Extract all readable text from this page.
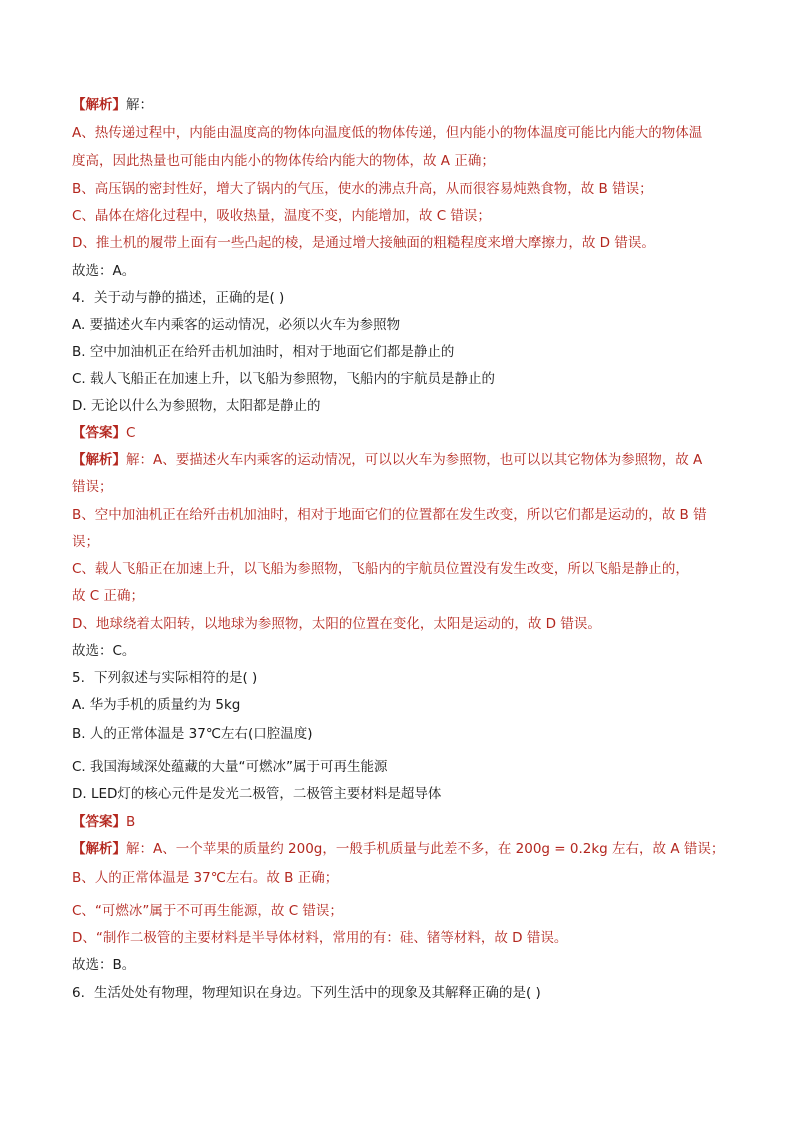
【解析】解：
A、热传递过程中，内能由温度高的物体向温度低的物体传递，但内能小的物体温度可能比内能大的物体温
度高，因此热量也可能由内能小的物体传给内能大的物体，故 A 正确；
B、高压锅的密封性好，增大了锅内的气压，使水的沸点升高，从而很容易炖熟食物，故 B 错误；
C、晶体在熔化过程中，吸收热量，温度不变，内能增加，故 C 错误；
D、推土机的履带上面有一些凸起的棱，是通过增大接触面的粗糙程度来增大摩擦力，故 D 错误。
故选：A。
4. 关于动与静的描述，正确的是( )
A. 要描述火车内乘客的运动情况，必须以火车为参照物
B. 空中加油机正在给歼击机加油时，相对于地面它们都是静止的
C. 载人飞船正在加速上升，以飞船为参照物，飞船内的宇航员是静止的
D. 无论以什么为参照物，太阳都是静止的
【答案】C
【解析】解：A、要描述火车内乘客的运动情况，可以以火车为参照物，也可以以其它物体为参照物，故 A
错误；
B、空中加油机正在给歼击机加油时，相对于地面它们的位置都在发生改变，所以它们都是运动的，故 B 错
误；
C、载人飞船正在加速上升，以飞船为参照物，飞船内的宇航员位置没有发生改变，所以飞船是静止的，
故 C 正确；
D、地球绕着太阳转，以地球为参照物，太阳的位置在变化，太阳是运动的，故 D 错误。
故选：C。
5. 下列叙述与实际相符的是( )
A. 华为手机的质量约为 5kg
B. 人的正常体温是 37℃左右(口腔温度)
C. 我国海域深处蕴藏的大量“可燃冰”属于可再生能源
D. LED灯的核心元件是发光二极管，二极管主要材料是超导体
【答案】B
【解析】解：A、一个苹果的质量约 200g，一般手机质量与此差不多，在 200g = 0.2kg 左右，故 A 错误；
B、人的正常体温是 37℃左右。故 B 正确；
C、“可燃冰”属于不可再生能源，故 C 错误；
D、“制作二极管的主要材料是半导体材料，常用的有：硅、锗等材料，故 D 错误。
故选：B。
6. 生活处处有物理，物理知识在身边。下列生活中的现象及其解释正确的是( )
